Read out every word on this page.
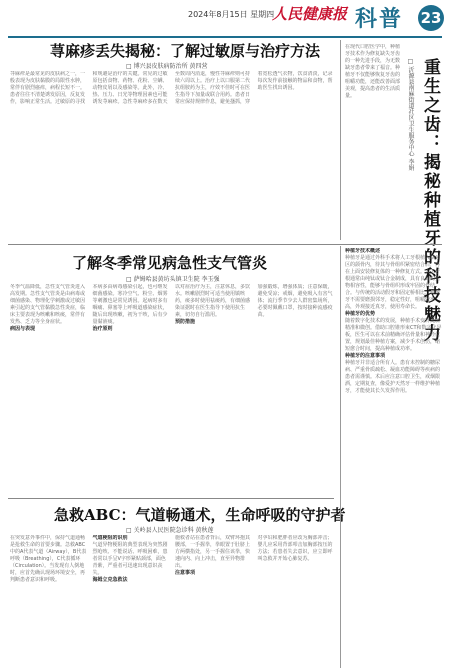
2024年8月15日 星期四
人民健康报 科普 23
荨麻疹丢失揭秘：了解过敏原与治疗方法
□ 博兴县皮肤病防治所 黄四营
荨麻疹是最常见的皮肤病之一，一般表现为皮肤黏膜的局限性水肿，常伴有剧烈瘙痒，病程长短不一。患者往往不清楚诱发原因，反复发作，影响正常生活。过敏原的寻找和规避是治疗的关键。常见的过敏原包括食物、药物、花粉、尘螨、动物皮屑以及感染等。此外，冷、热、压力、日光等物理因素也可能诱发荨麻疹。急性荨麻疹多在数天至数周内消退，慢性荨麻疹则可持续六周以上。治疗上以口服第二代抗组胺药为主，疗效不佳时可在医生指导下加量或联合用药。患者日常应保持规律作息，避免搔抓，穿着宽松透气衣物，饮食清淡，记录每次发作前接触的物品和食物，帮助医生找出诱因。	重生之齿：揭秘种植牙的科技魅力
□ 沂源县南麻街道社区卫生服务中心 李娟
在现代口腔医学中，种植牙技术作为修复缺失牙齿的一种先进手段，为无数缺牙患者带来了福音。种植牙不仅能够恢复牙齿的咀嚼功能，还能改善面部美观，提高患者的生活质量。
了解冬季常见病急性支气管炎
□ 萨姆哈县黄坊头镇卫生院 李玉强
冬季气温降低，急性支气管炎进入高发期。急性支气管炎是由病毒或细菌感染、物理化学刺激或过敏因素引起的支气管黏膜急性炎症，临床主要表现为咳嗽和咳痰，常伴有发热、乏力等全身症状。
病因与表现
本病多由病毒感染引起，也可继发细菌感染。寒冷空气、粉尘、烟雾等刺激也是常见诱因。起病时多有咽痛、鼻塞等上呼吸道感染症状，随后出现咳嗽，初为干咳，后有少量黏液痰。
治疗原则
以对症治疗为主，注意休息，多饮水。咳嗽剧烈时可适当使用镇咳药，痰多时使用祛痰药，有细菌感染证据时在医生指导下使用抗生素，切勿自行滥用。
预防措施
加强锻炼，增强体质；注意保暖，避免受凉；戒烟，避免吸入有害气体；流行季节少去人群密集场所，必要时佩戴口罩，按时接种流感疫苗。
急救ABC：气道畅通术，生命呼吸的守护者
□ 关岭县人民医院急诊科 黄秋莲
在突发意外事件中，保持气道通畅是抢救生命的首要步骤。急救ABC中的A代表气道（Airway），B代表呼吸（Breathing），C代表循环（Circulation）。当发现有人倒地时，应首先确认现场环境安全，再判断患者意识和呼吸。
气道梗阻的识别
气道异物梗阻的典型表现为突然剧烈呛咳、不能说话、呼吸困难，患者常以手呈V字形紧贴颈部，面色青紫，严重者可迅速出现意识丧失。
海姆立克急救法
施救者站在患者背后，双臂环抱其腰部，一手握拳，拳眼置于肚脐上方两横指处，另一手握住该拳，快速向内、向上冲击，直至异物排出。
注意事项
对孕妇和肥胖者应改为胸部冲击；婴儿应采用背部叩击加胸部按压的方法；若患者失去意识，应立即呼叫急救并开始心肺复苏。
种植牙技术概述
种植牙是通过外科手术将人工牙根植入缺牙区的颌骨内，待其与骨组织紧密结合后，再在上面安装修复体的一种修复方式。人工牙根通常由纯钛或钛合金制成，具有良好的生物相容性，能够与骨组织形成牢固的骨结合。与传统的活动假牙和固定桥相比，种植牙不需要磨损邻牙，稳定性好，咀嚼效率高，外观接近真牙，使用寿命长。
种植牙的优势
随着数字化技术的发展，种植手术变得更加精准和微创。借助口腔锥形束CT和数字化导板，医生可以在术前精确评估骨量和神经位置，规划最佳种植方案，减少手术创伤，缩短愈合时间，提高种植成功率。
种植牙的注意事项
种植牙并非适合所有人。患有未控制的糖尿病、严重骨质疏松、凝血功能障碍等疾病的患者需谨慎。术后应注意口腔卫生，戒烟限酒，定期复查，像爱护天然牙一样维护种植牙，才能使其长久发挥作用。
